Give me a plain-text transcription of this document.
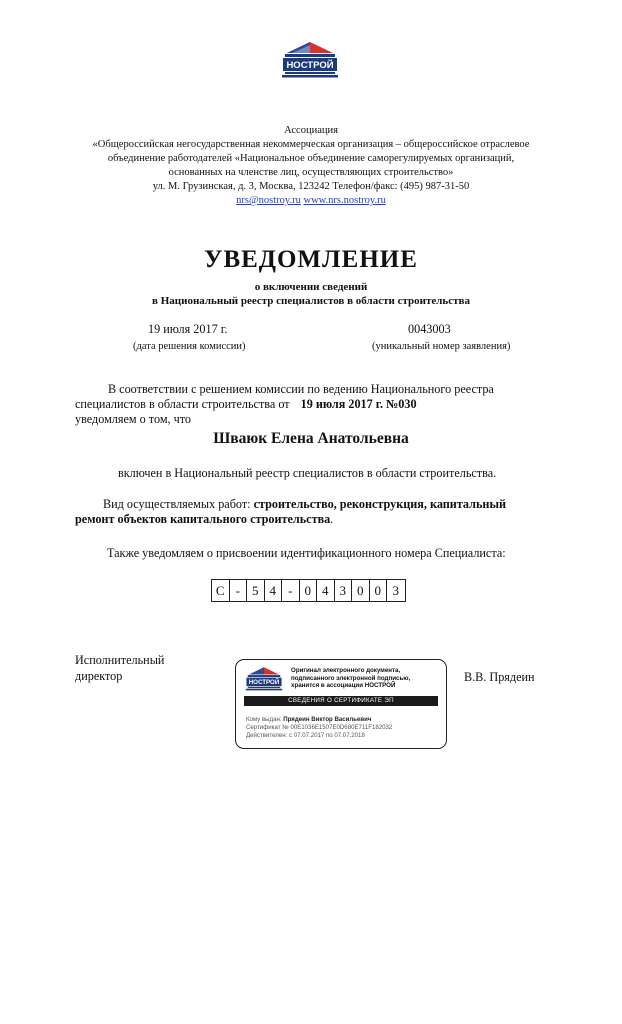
НОСТРОЙ
Ассоциация
«Общероссийская негосударственная некоммерческая организация – общероссийское отраслевое
объединение работодателей «Национальное объединение саморегулируемых организаций,
основанных на членстве лиц, осуществляющих строительство»
ул. М. Грузинская, д. 3, Москва, 123242 Телефон/факс: (495) 987-31-50
nrs@nostroy.ru www.nrs.nostroy.ru
УВЕДОМЛЕНИЕ
о включении сведений
в Национальный реестр специалистов в области строительства
19 июля 2017 г.
(дата решения комиссии)
0043003
(уникальный номер заявления)
В соответствии с решением комиссии по ведению Национального реестра
специалистов в области строительства от 19 июля 2017 г. №030
уведомляем о том, что
Шваюк Елена Анатольевна
включен в Национальный реестр специалистов в области строительства.
Вид осуществляемых работ: строительство, реконструкция, капитальный
ремонт объектов капитального строительства.
Также уведомляем о присвоении идентификационного номера Специалиста:
С - 5 4 - 0 4 3 0 0 3
Исполнительный
директор	В.В. Прядеин
НОСТРОЙ
Оригинал электронного документа,
подписанного электронной подписью,
хранится в ассоциации НОСТРОЙ
СВЕДЕНИЯ О СЕРТИФИКАТЕ ЭП
Кому выдан: Прядеин Виктор Васильевич
Сертификат № 00E1036E1507E0D680E711F182032
Действителен: с 07.07.2017 по 07.07.2018
